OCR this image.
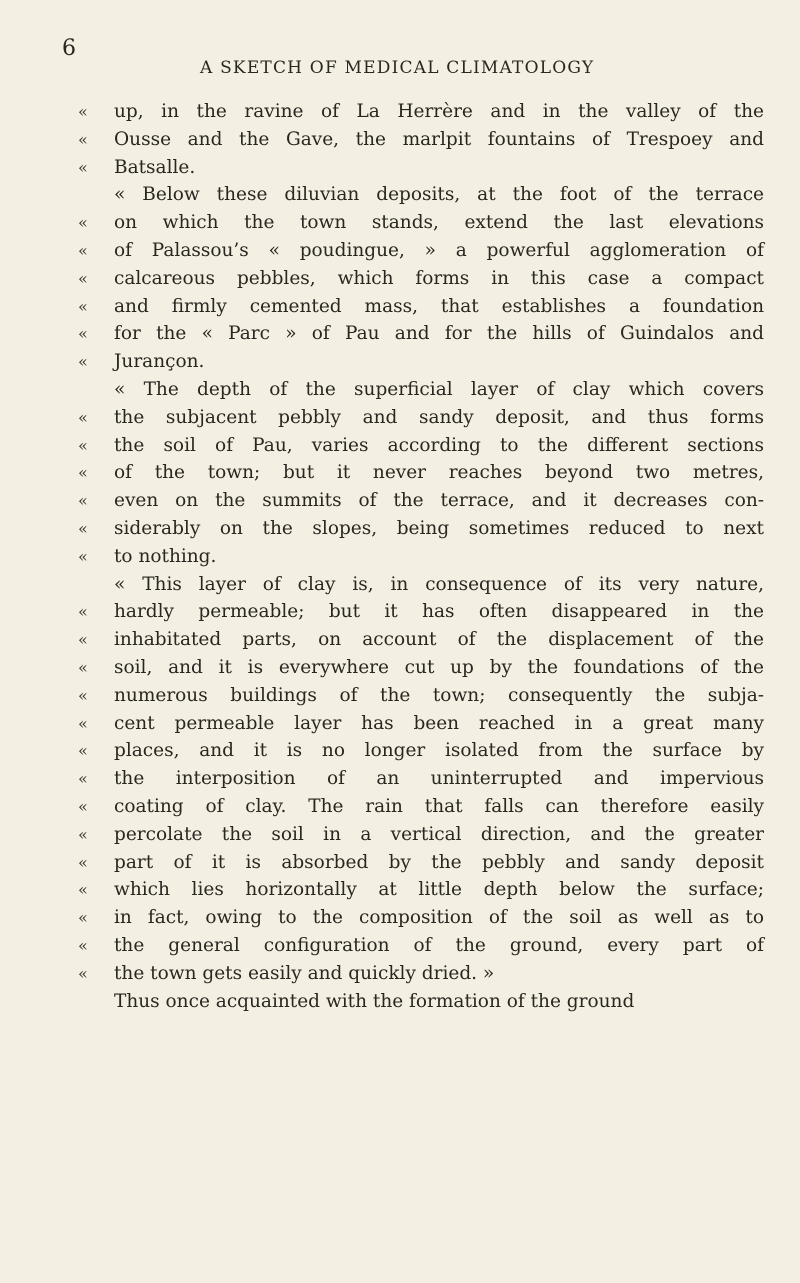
6
A SKETCH OF MEDICAL CLIMATOLOGY
« up, in the ravine of La Herrère and in the valley of the
« Ousse and the Gave, the marlpit fountains of Trespoey and
« Batsalle.
« Below these diluvian deposits, at the foot of the terrace
« on which the town stands, extend the last elevations
« of Palassou’s « poudingue, » a powerful agglomeration of
« calcareous pebbles, which forms in this case a compact
« and firmly cemented mass, that establishes a foundation
« for the « Parc » of Pau and for the hills of Guindalos and
« Jurançon.
« The depth of the superficial layer of clay which covers
« the subjacent pebbly and sandy deposit, and thus forms
« the soil of Pau, varies according to the different sections
« of the town; but it never reaches beyond two metres,
« even on the summits of the terrace, and it decreases con-
« siderably on the slopes, being sometimes reduced to next
« to nothing.
« This layer of clay is, in consequence of its very nature,
« hardly permeable; but it has often disappeared in the
« inhabitated parts, on account of the displacement of the
« soil, and it is everywhere cut up by the foundations of the
« numerous buildings of the town; consequently the subja-
« cent permeable layer has been reached in a great many
« places, and it is no longer isolated from the surface by
« the interposition of an uninterrupted and impervious
« coating of clay. The rain that falls can therefore easily
« percolate the soil in a vertical direction, and the greater
« part of it is absorbed by the pebbly and sandy deposit
« which lies horizontally at little depth below the surface;
« in fact, owing to the composition of the soil as well as to
« the general configuration of the ground, every part of
« the town gets easily and quickly dried. »
Thus once acquainted with the formation of the ground
